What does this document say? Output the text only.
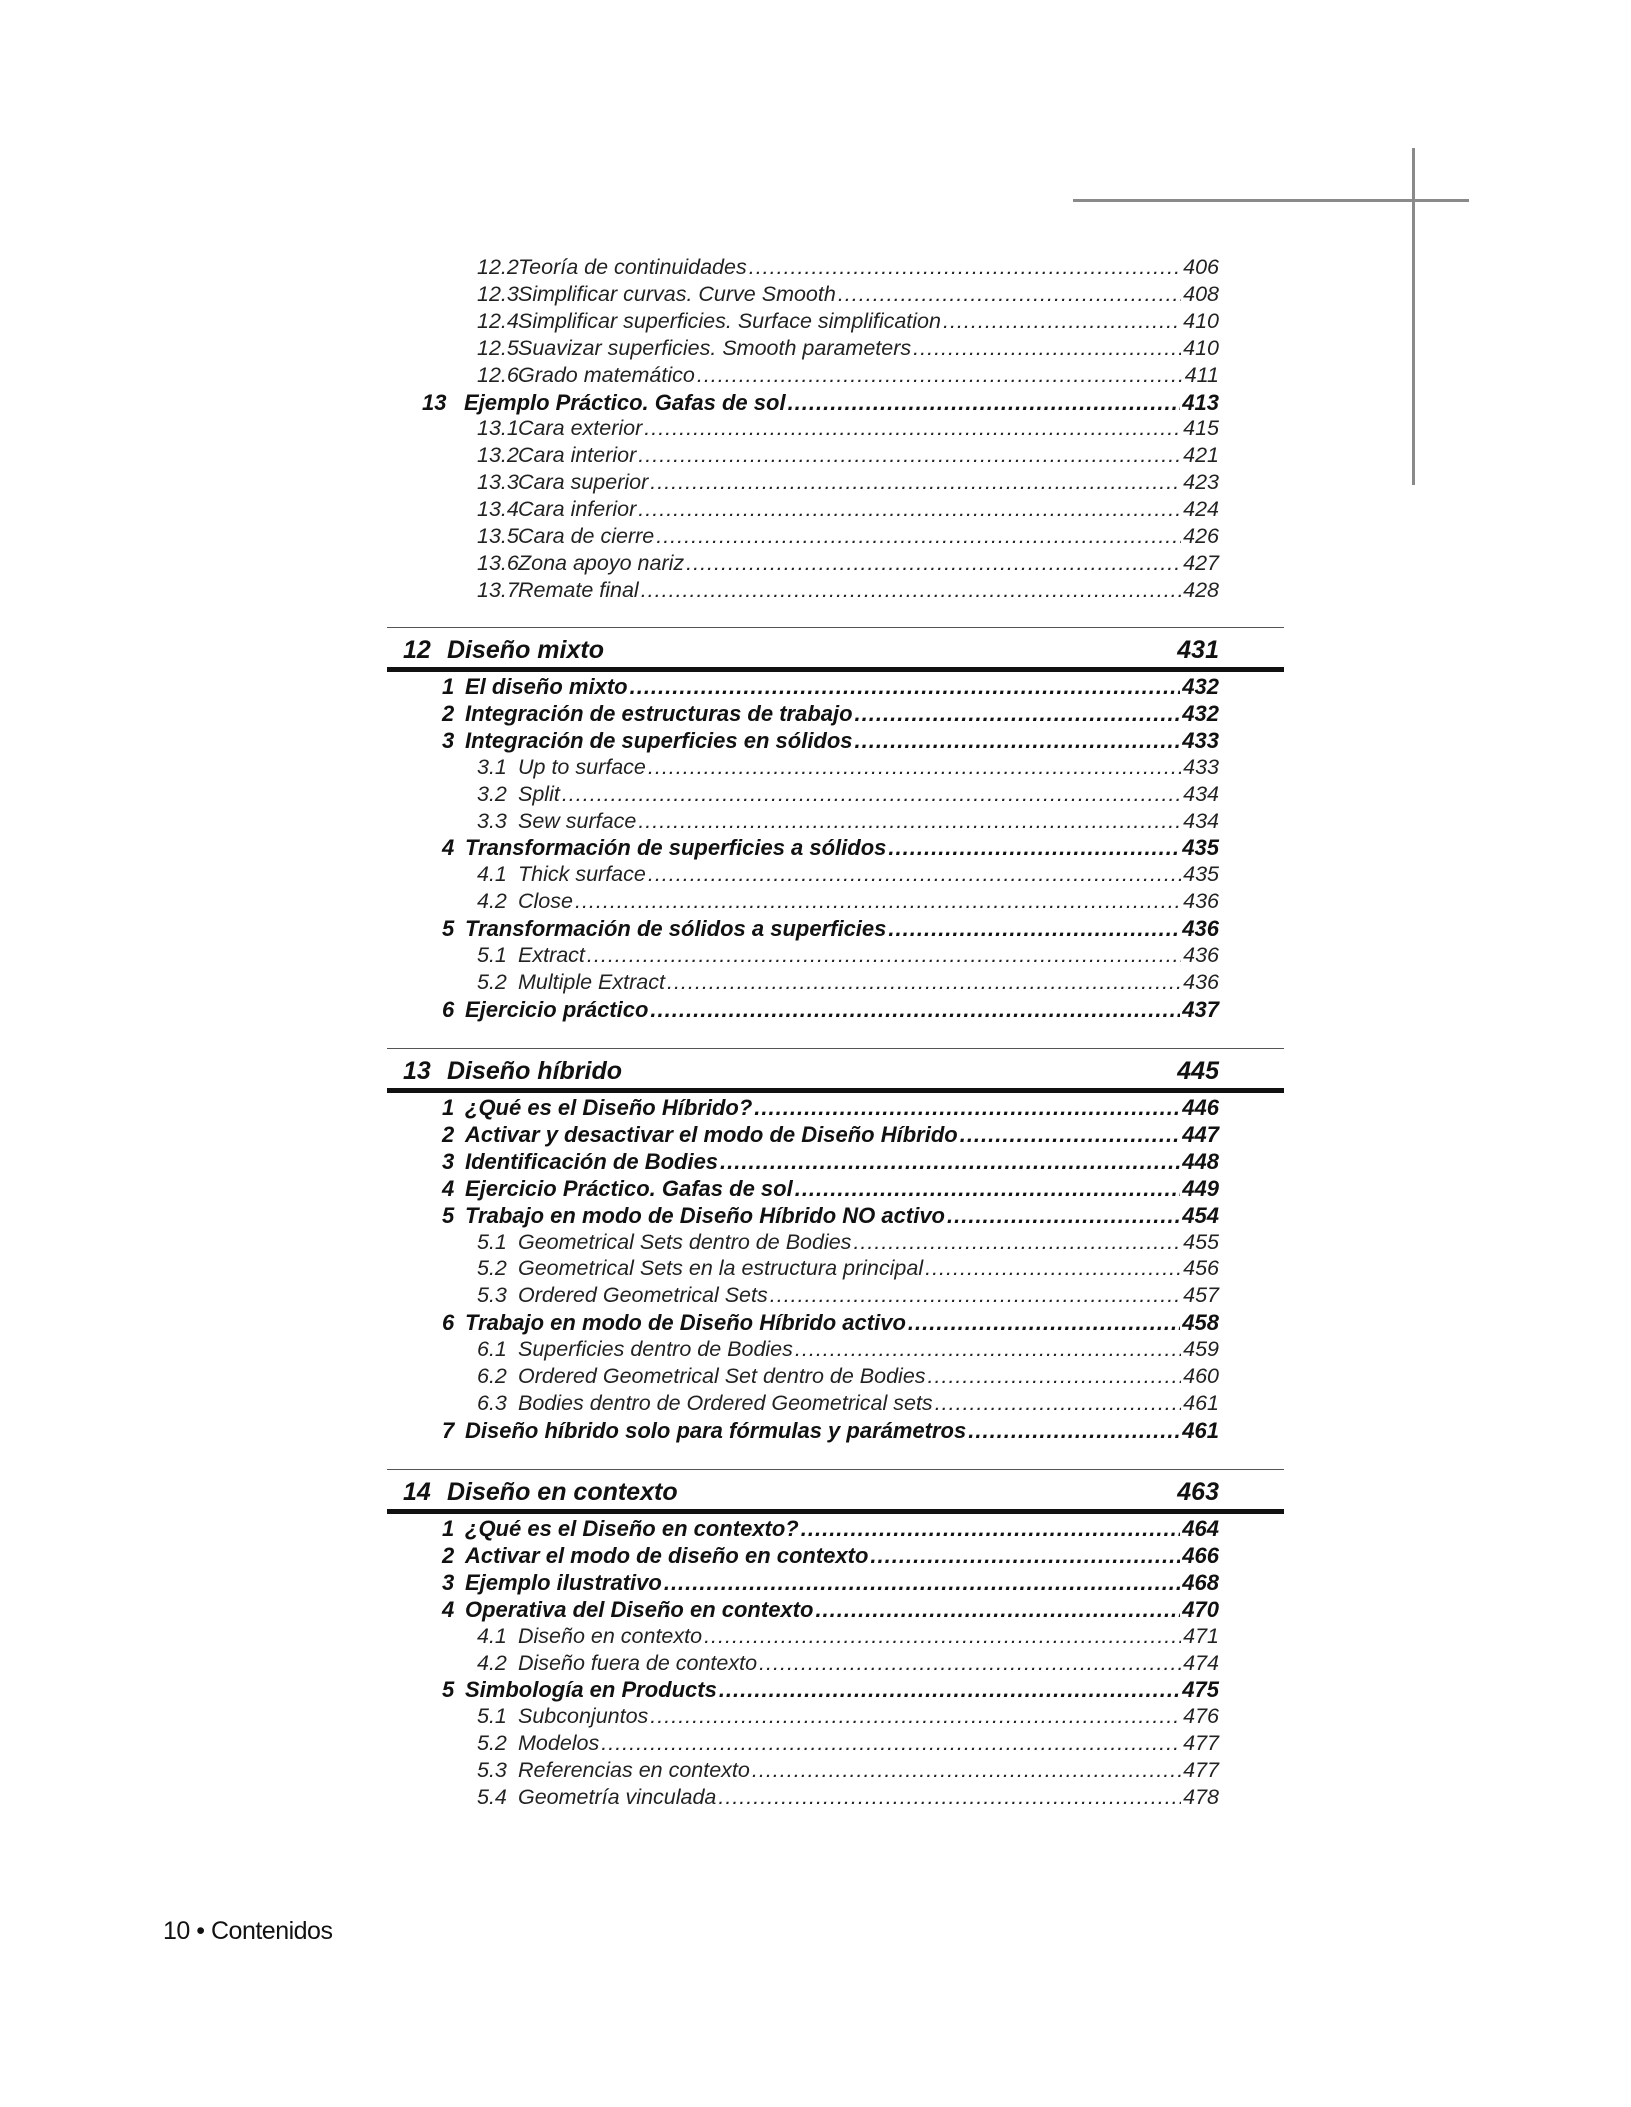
12.2 Teoría de continuidades .....	406
12.3 Simplificar curvas. Curve Smooth .....	408
12.4 Simplificar superficies. Surface simplification .....	410
12.5 Suavizar superficies. Smooth parameters .....	410
12.6 Grado matemático .....	411
13 Ejemplo Práctico. Gafas de sol .....	413
13.1 Cara exterior .....	415
13.2 Cara interior .....	421
13.3 Cara superior .....	423
13.4 Cara inferior .....	424
13.5 Cara de cierre .....	426
13.6 Zona apoyo nariz .....	427
13.7 Remate final .....	428
12 Diseño mixto	431
1 El diseño mixto .....	432
2 Integración de estructuras de trabajo .....	432
3 Integración de superficies en sólidos .....	433
3.1 Up to surface .....	433
3.2 Split .....	434
3.3 Sew surface .....	434
4 Transformación de superficies a sólidos .....	435
4.1 Thick surface .....	435
4.2 Close .....	436
5 Transformación de sólidos a superficies .....	436
5.1 Extract .....	436
5.2 Multiple Extract .....	436
6 Ejercicio práctico .....	437
13 Diseño híbrido	445
1 ¿Qué es el Diseño Híbrido? .....	446
2 Activar y desactivar el modo de Diseño Híbrido .....	447
3 Identificación de Bodies .....	448
4 Ejercicio Práctico. Gafas de sol .....	449
5 Trabajo en modo de Diseño Híbrido NO activo .....	454
5.1 Geometrical Sets dentro de Bodies .....	455
5.2 Geometrical Sets en la estructura principal .....	456
5.3 Ordered Geometrical Sets .....	457
6 Trabajo en modo de Diseño Híbrido activo .....	458
6.1 Superficies dentro de Bodies .....	459
6.2 Ordered Geometrical Set dentro de Bodies .....	460
6.3 Bodies dentro de Ordered Geometrical sets .....	461
7 Diseño híbrido solo para fórmulas y parámetros .....	461
14 Diseño en contexto	463
1 ¿Qué es el Diseño en contexto? .....	464
2 Activar el modo de diseño en contexto .....	466
3 Ejemplo ilustrativo .....	468
4 Operativa del Diseño en contexto .....	470
4.1 Diseño en contexto .....	471
4.2 Diseño fuera de contexto .....	474
5 Simbología en Products .....	475
5.1 Subconjuntos .....	476
5.2 Modelos .....	477
5.3 Referencias en contexto .....	477
5.4 Geometría vinculada .....	478
10 • Contenidos
